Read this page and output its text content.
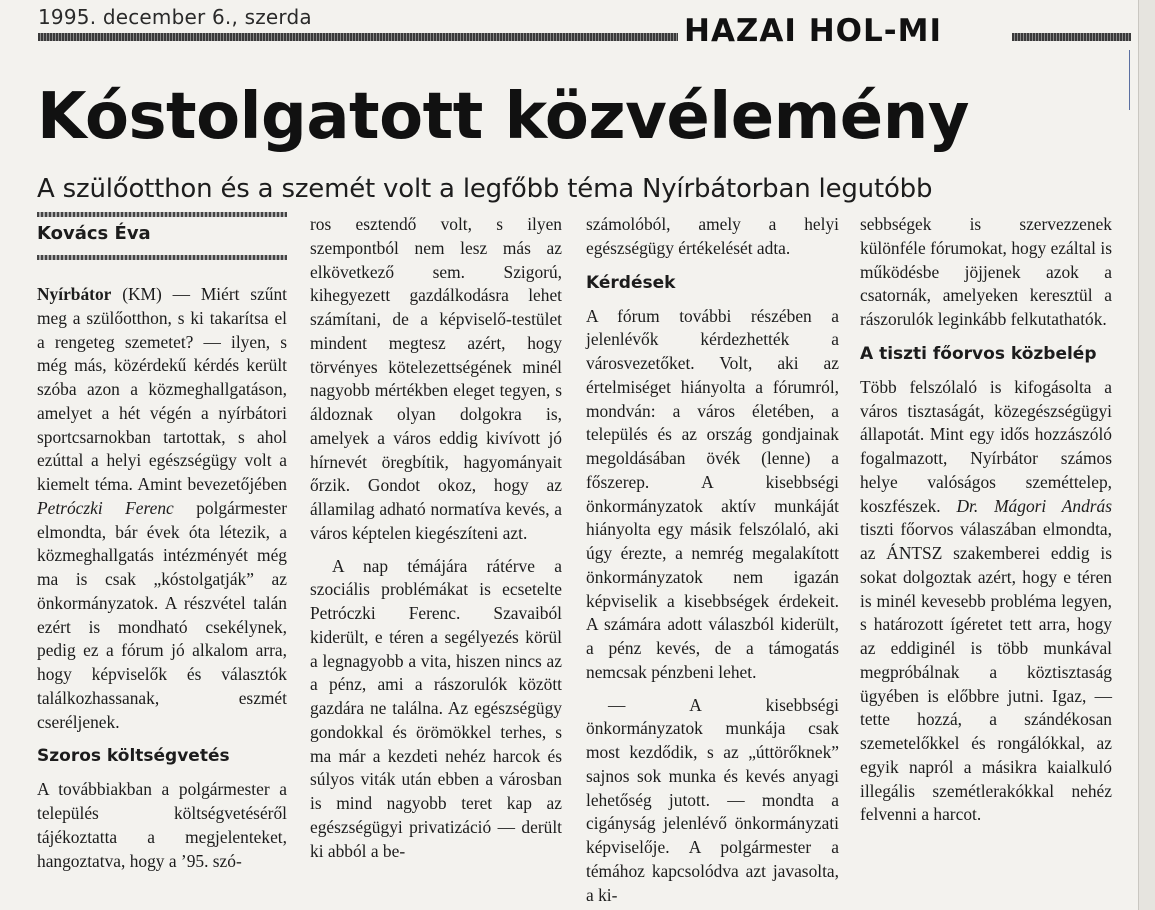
1995. december 6., szerda	HAZAI HOL-MI
Kóstolgatott közvélemény
A szülőotthon és a szemét volt a legfőbb téma Nyírbátorban legutóbb
Kovács Éva

Nyírbátor (KM) — Miért szűnt meg a szülőotthon, s ki takarítsa el a rengeteg szemetet? — ilyen, s még más, közérdekű kérdés került szóba azon a közmeghallgatáson, amelyet a hét végén a nyírbátori sportcsarnokban tartottak, s ahol ezúttal a helyi egészségügy volt a kiemelt téma. Amint bevezetőjében Petróczki Ferenc polgármester elmondta, bár évek óta létezik, a közmeghallgatás intézményét még ma is csak „kóstolgatják” az önkormányzatok. A részvétel talán ezért is mondható csekélynek, pedig ez a fórum jó alkalom arra, hogy képviselők és választók találkozhassanak, eszmét cseréljenek.

Szoros költségvetés

A továbbiakban a polgármester a település költségvetéséről tájékoztatta a megjelenteket, hangoztatva, hogy a ’95. szó-

ros esztendő volt, s ilyen szempontból nem lesz más az elkövetkező sem. Szigorú, kihegyezett gazdálkodásra lehet számítani, de a képviselő-testület mindent megtesz azért, hogy törvényes kötelezettségének minél nagyobb mértékben eleget tegyen, s áldoznak olyan dolgokra is, amelyek a város eddig kivívott jó hírnevét öregbítik, hagyományait őrzik. Gondot okoz, hogy az államilag adható normatíva kevés, a város képtelen kiegészíteni azt.

A nap témájára rátérve a szociális problémákat is ecsetelte Petróczki Ferenc. Szavaiból kiderült, e téren a segélyezés körül a legnagyobb a vita, hiszen nincs az a pénz, ami a rászorulók között gazdára ne találna. Az egészségügy gondokkal és örömökkel terhes, s ma már a kezdeti nehéz harcok és súlyos viták után ebben a városban is mind nagyobb teret kap az egészségügyi privatizáció — derült ki abból a be-

számolóból, amely a helyi egészségügy értékelését adta.

Kérdések

A fórum további részében a jelenlévők kérdezhették a városvezetőket. Volt, aki az értelmiséget hiányolta a fórumról, mondván: a város életében, a település és az ország gondjainak megoldásában övék (lenne) a főszerep. A kisebbségi önkormányzatok aktív munkáját hiányolta egy másik felszólaló, aki úgy érezte, a nemrég megalakított önkormányzatok nem igazán képviselik a kisebbségek érdekeit. A számára adott válaszból kiderült, a pénz kevés, de a támogatás nemcsak pénzbeni lehet.

— A kisebbségi önkormányzatok munkája csak most kezdődik, s az „úttörőknek” sajnos sok munka és kevés anyagi lehetőség jutott. — mondta a cigányság jelenlévő önkormányzati képviselője. A polgármester a témához kapcsolódva azt javasolta, a ki-

sebbségek is szervezzenek különféle fórumokat, hogy ezáltal is működésbe jöjjenek azok a csatornák, amelyeken keresztül a rászorulók leginkább felkutathatók.

A tiszti főorvos közbelép

Több felszólaló is kifogásolta a város tisztaságát, közegészségügyi állapotát. Mint egy idős hozzászóló fogalmazott, Nyírbátor számos helye valóságos szeméttelep, koszfészek. Dr. Mágori András tiszti főorvos válaszában elmondta, az ÁNTSZ szakemberei eddig is sokat dolgoztak azért, hogy e téren is minél kevesebb probléma legyen, s határozott ígéretet tett arra, hogy az eddiginél is több munkával megpróbálnak a köztisztaság ügyében is előbbre jutni. Igaz, — tette hozzá, a szándékosan szemetelőkkel és rongálókkal, az egyik napról a másikra kaialkuló illegális szemétlerakókkal nehéz felvenni a harcot.
